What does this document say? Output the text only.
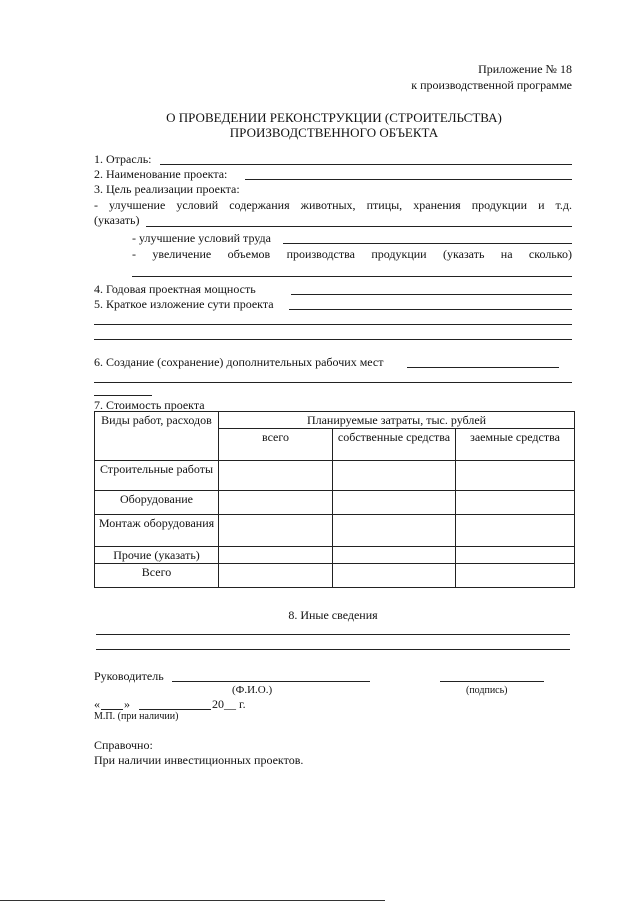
Приложение № 18
к производственной программе
О ПРОВЕДЕНИИ РЕКОНСТРУКЦИИ (СТРОИТЕЛЬСТВА)
ПРОИЗВОДСТВЕННОГО ОБЪЕКТА
1. Отрасль:
2. Наименование проекта:
3. Цель реализации проекта:
- улучшение условий содержания животных, птицы, хранения продукции и т.д.
(указать)
- улучшение условий труда
- увеличение объемов производства продукции (указать на сколько)
4. Годовая проектная мощность
5. Краткое изложение сути проекта
6. Создание (сохранение) дополнительных рабочих мест
7. Стоимость проекта
Виды работ, расходов	Планируемые затраты, тыс. рублей		
	всего	собственные средства	заемные средства
Строительные работы			
Оборудование			
Монтаж оборудования			
Прочие (указать)			
Всего			
8. Иные сведения
Руководитель
(Ф.И.О.)	(подпись)
« »	20__ г.
М.П. (при наличии)
Справочно:
При наличии инвестиционных проектов.
